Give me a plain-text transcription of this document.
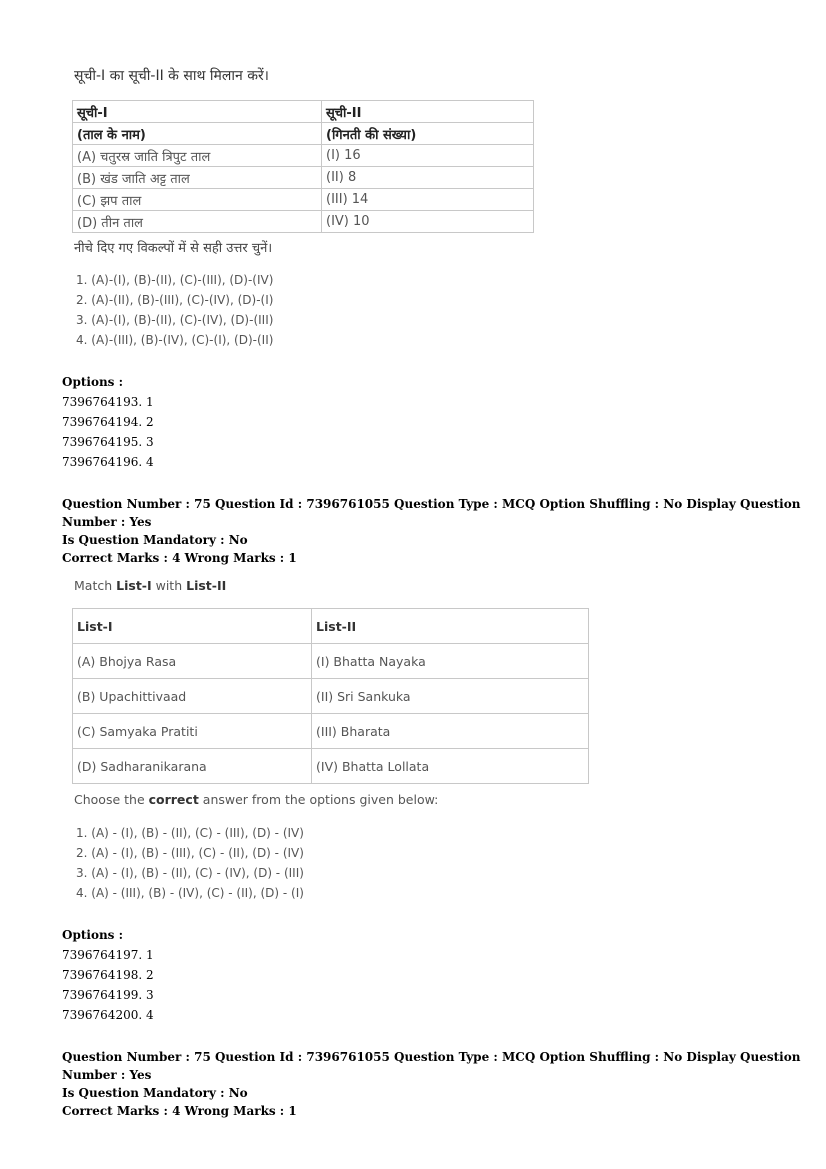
सूची-I का सूची-II के साथ मिलान करें।
सूची-I	सूची-II
(ताल के नाम)	(गिनती की संख्या)
(A) चतुरस्र जाति त्रिपुट ताल	(I) 16
(B) खंड जाति अट्ट ताल	(II) 8
(C) झप ताल	(III) 14
(D) तीन ताल	(IV) 10
नीचे दिए गए विकल्पों में से सही उत्तर चुनें।
1. (A)-(I), (B)-(II), (C)-(III), (D)-(IV)
2. (A)-(II), (B)-(III), (C)-(IV), (D)-(I)
3. (A)-(I), (B)-(II), (C)-(IV), (D)-(III)
4. (A)-(III), (B)-(IV), (C)-(I), (D)-(II)
Options :
7396764193. 1
7396764194. 2
7396764195. 3
7396764196. 4
Question Number : 75 Question Id : 7396761055 Question Type : MCQ Option Shuffling : No Display Question Number : Yes
Is Question Mandatory : No
Correct Marks : 4 Wrong Marks : 1
Match List-I with List-II
List-I	List-II
(A) Bhojya Rasa	(I) Bhatta Nayaka
(B) Upachittivaad	(II) Sri Sankuka
(C) Samyaka Pratiti	(III) Bharata
(D) Sadharanikarana	(IV) Bhatta Lollata
Choose the correct answer from the options given below:
1. (A) - (I), (B) - (II), (C) - (III), (D) - (IV)
2. (A) - (I), (B) - (III), (C) - (II), (D) - (IV)
3. (A) - (I), (B) - (II), (C) - (IV), (D) - (III)
4. (A) - (III), (B) - (IV), (C) - (II), (D) - (I)
Options :
7396764197. 1
7396764198. 2
7396764199. 3
7396764200. 4
Question Number : 75 Question Id : 7396761055 Question Type : MCQ Option Shuffling : No Display Question Number : Yes
Is Question Mandatory : No
Correct Marks : 4 Wrong Marks : 1
